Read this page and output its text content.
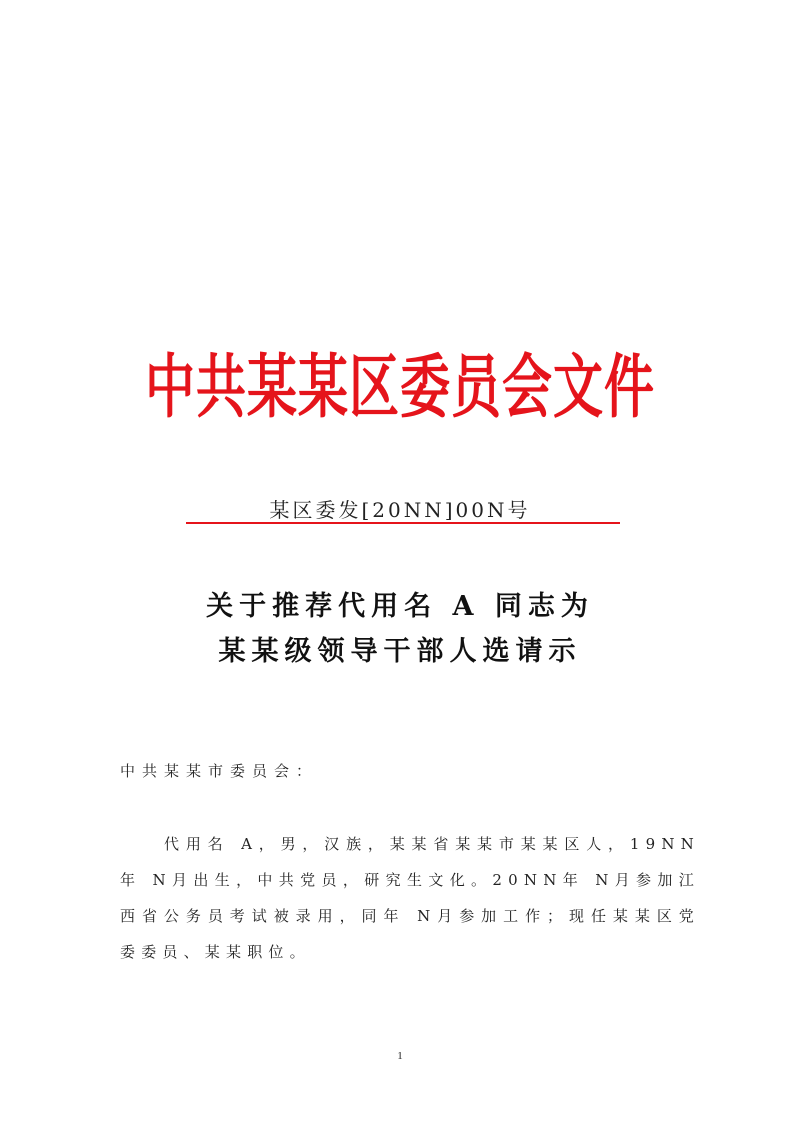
中共某某区委员会文件
某区委发[20NN]00N号
关于推荐代用名 A 同志为
某某级领导干部人选请示
中共某某市委员会：
代用名 A，男，汉族，某某省某某市某某区人，19NN 年 N月出生，中共党员，研究生文化。20NN年 N月参加江西省公务员考试被录用，同年 N月参加工作；现任某某区党委委员、某某职位。
1
